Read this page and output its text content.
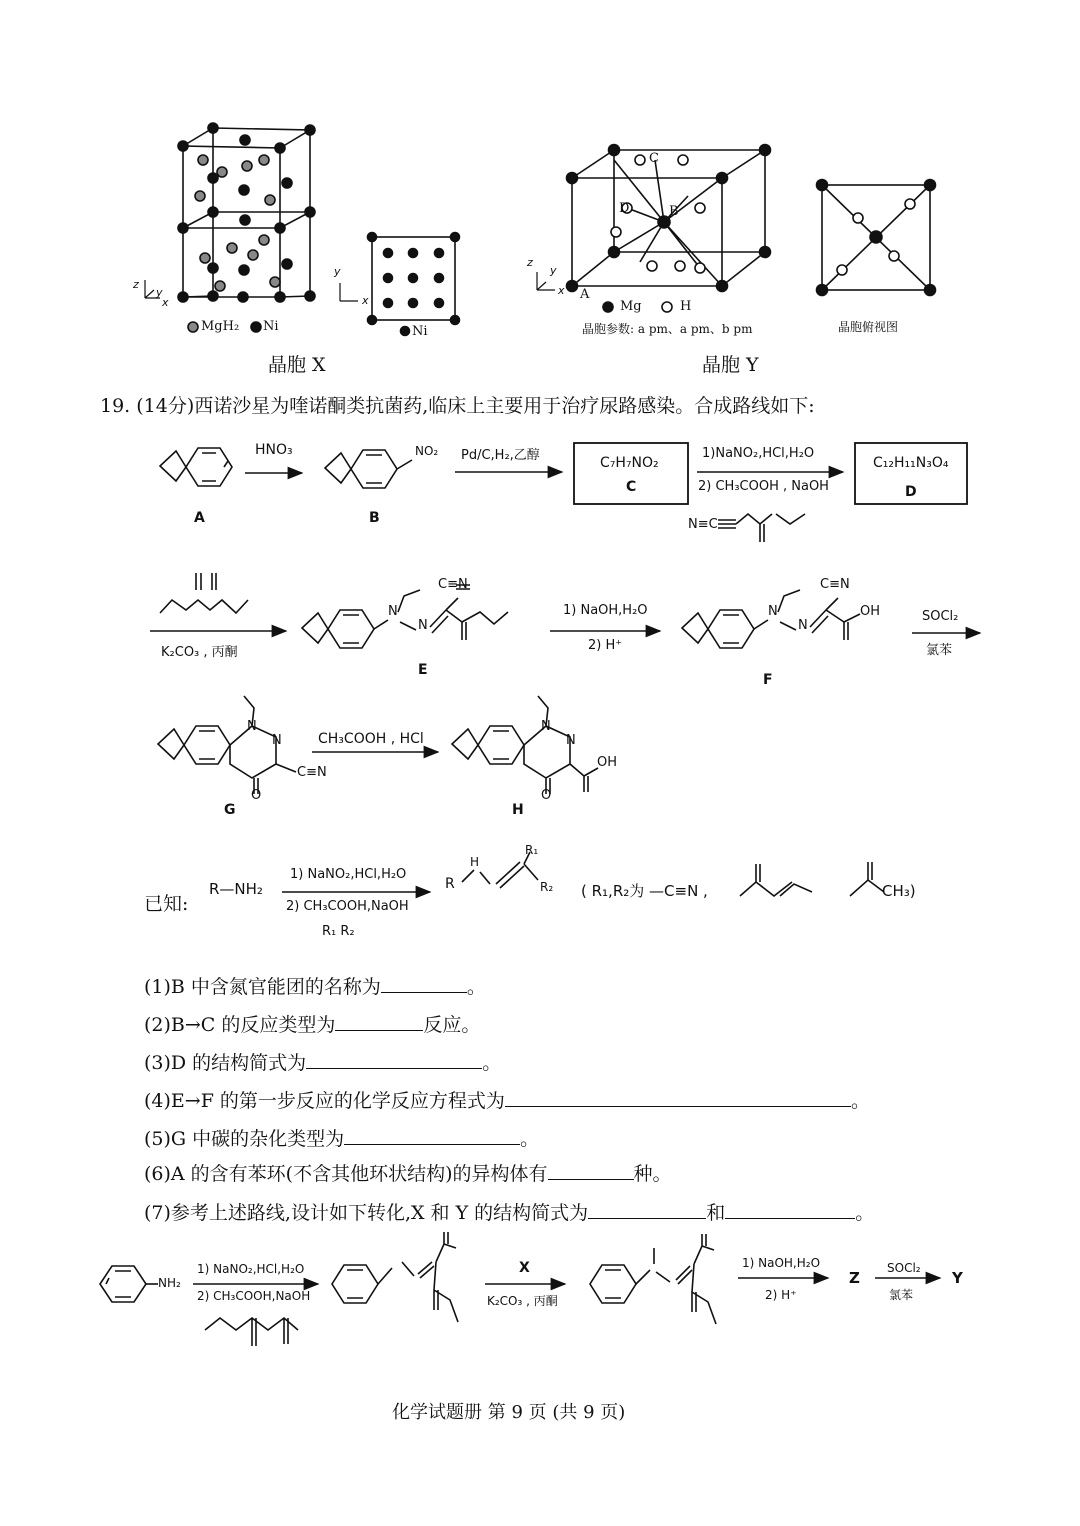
z
y
x
MgH₂ Ni
y
x
Ni
晶胞 X
z
y
x A
B
C
D
Mg	H
晶胞参数: a pm、a pm、b pm	晶胞俯视图
晶胞 Y
19. (14分)西诺沙星为喹诺酮类抗菌药,临床上主要用于治疗尿路感染。合成路线如下:
HNO₃
A
NO₂
B
Pd/C,H₂,乙醇	C₇H₇NO₂
C
1)NaNO₂,HCl,H₂O
2) CH₃COOH , NaOH
C₁₂H₁₁N₃O₄
D
N≡C
K₂CO₃ , 丙酮
N
N
C≡N
E
1) NaOH,H₂O
2) H⁺
N
N
C≡N
OH
F
SOCl₂
氯苯
N
N
C≡N
O
G
CH₃COOH , HCl
N
N
OH
O
H
已知:
R—NH₂
1) NaNO₂,HCl,H₂O
2) CH₃COOH,NaOH
R₁ R₂
R
H
R₁
R₂ ( R₁,R₂为 —C≡N ,	CH₃)
(1)B 中含氮官能团的名称为	。
(2)B→C 的反应类型为	反应。
(3)D 的结构简式为	。
(4)E→F 的第一步反应的化学反应方程式为	。
(5)G 中碳的杂化类型为	。
(6)A 的含有苯环(不含其他环状结构)的异构体有	种。
(7)参考上述路线,设计如下转化,X 和 Y 的结构简式为	和	。
NH₂
1) NaNO₂,HCl,H₂O
2) CH₃COOH,NaOH
X
K₂CO₃ , 丙酮
1) NaOH,H₂O
2) H⁺
Z
SOCl₂
氯苯
Y
化学试题册 第 9 页 (共 9 页)
